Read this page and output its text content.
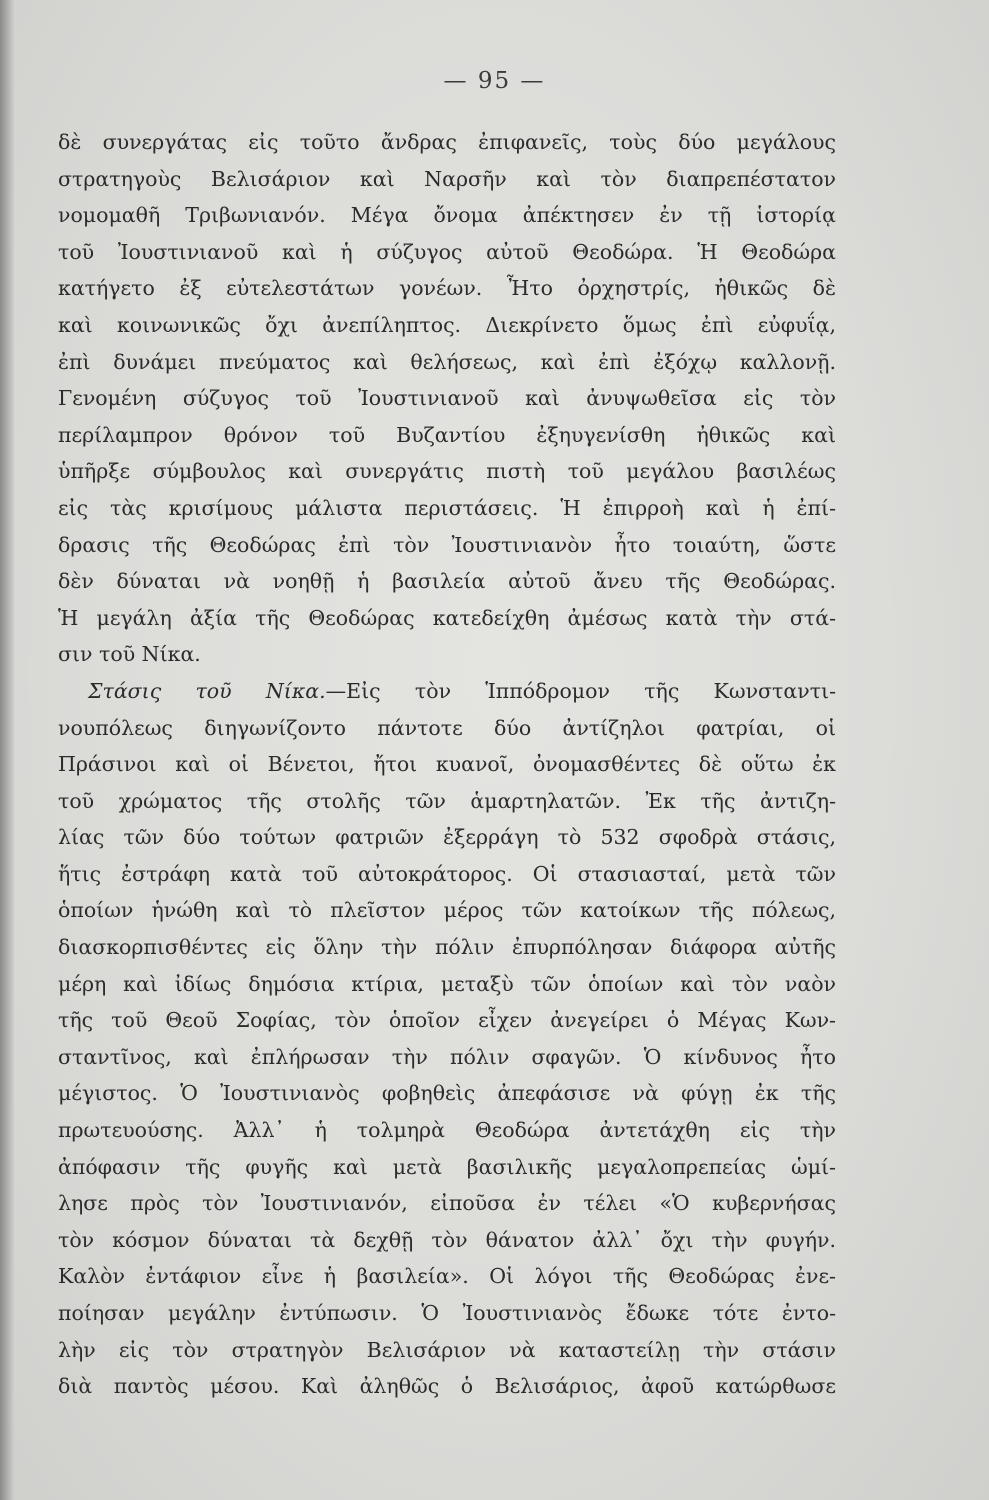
— 95 —
δὲ συνεργάτας εἰς τοῦτο ἄνδρας ἐπιφανεῖς, τοὺς δύο μεγάλους
στρατηγοὺς Βελισάριον καὶ Ναρσῆν καὶ τὸν διαπρεπέστατον
νομομαθῆ Τριβωνιανόν. Μέγα ὄνομα ἀπέκτησεν ἐν τῇ ἱστορίᾳ
τοῦ Ἰουστινιανοῦ καὶ ἡ σύζυγος αὐτοῦ Θεοδώρα. Ἡ Θεοδώρα
κατήγετο ἐξ εὐτελεστάτων γονέων. Ἦτο ὀρχηστρίς, ἠθικῶς δὲ
καὶ κοινωνικῶς ὄχι ἀνεπίληπτος. Διεκρίνετο ὅμως ἐπὶ εὐφυΐᾳ,
ἐπὶ δυνάμει πνεύματος καὶ θελήσεως, καὶ ἐπὶ ἐξόχῳ καλλονῇ.
Γενομένη σύζυγος τοῦ Ἰουστινιανοῦ καὶ ἀνυψωθεῖσα εἰς τὸν
περίλαμπρον θρόνον τοῦ Βυζαντίου ἐξηυγενίσθη ἠθικῶς καὶ
ὑπῆρξε σύμβουλος καὶ συνεργάτις πιστὴ τοῦ μεγάλου βασιλέως
εἰς τὰς κρισίμους μάλιστα περιστάσεις. Ἡ ἐπιρροὴ καὶ ἡ ἐπί-
δρασις τῆς Θεοδώρας ἐπὶ τὸν Ἰουστινιανὸν ἦτο τοιαύτη, ὥστε
δὲν δύναται νὰ νοηθῇ ἡ βασιλεία αὐτοῦ ἄνευ τῆς Θεοδώρας.
Ἡ μεγάλη ἀξία τῆς Θεοδώρας κατεδείχθη ἀμέσως κατὰ τὴν στά-
σιν τοῦ Νίκα.
Στάσις τοῦ Νίκα.—Εἰς τὸν Ἱππόδρομον τῆς Κωνσταντι-
νουπόλεως διηγωνίζοντο πάντοτε δύο ἀντίζηλοι φατρίαι, οἱ
Πράσινοι καὶ οἱ Βένετοι, ἤτοι κυανοῖ, ὀνομασθέντες δὲ οὕτω ἐκ
τοῦ χρώματος τῆς στολῆς τῶν ἁμαρτηλατῶν. Ἐκ τῆς ἀντιζη-
λίας τῶν δύο τούτων φατριῶν ἐξερράγη τὸ 532 σφοδρὰ στάσις,
ἥτις ἐστράφη κατὰ τοῦ αὐτοκράτορος. Οἱ στασιασταί, μετὰ τῶν
ὁποίων ἡνώθη καὶ τὸ πλεῖστον μέρος τῶν κατοίκων τῆς πόλεως,
διασκορπισθέντες εἰς ὅλην τὴν πόλιν ἐπυρπόλησαν διάφορα αὐτῆς
μέρη καὶ ἰδίως δημόσια κτίρια, μεταξὺ τῶν ὁποίων καὶ τὸν ναὸν
τῆς τοῦ Θεοῦ Σοφίας, τὸν ὁποῖον εἶχεν ἀνεγείρει ὁ Μέγας Κων-
σταντῖνος, καὶ ἐπλήρωσαν τὴν πόλιν σφαγῶν. Ὁ κίνδυνος ἦτο
μέγιστος. Ὁ Ἰουστινιανὸς φοβηθεὶς ἀπεφάσισε νὰ φύγῃ ἐκ τῆς
πρωτευούσης. Ἀλλ᾽ ἡ τολμηρὰ Θεοδώρα ἀντετάχθη εἰς τὴν
ἀπόφασιν τῆς φυγῆς καὶ μετὰ βασιλικῆς μεγαλοπρεπείας ὡμί-
λησε πρὸς τὸν Ἰουστινιανόν, εἰποῦσα ἐν τέλει «Ὁ κυβερνήσας
τὸν κόσμον δύναται τὰ δεχθῇ τὸν θάνατον ἀλλ᾽ ὄχι τὴν φυγήν.
Καλὸν ἐντάφιον εἶνε ἡ βασιλεία». Οἱ λόγοι τῆς Θεοδώρας ἐνε-
ποίησαν μεγάλην ἐντύπωσιν. Ὁ Ἰουστινιανὸς ἔδωκε τότε ἐντο-
λὴν εἰς τὸν στρατηγὸν Βελισάριον νὰ καταστείλῃ τὴν στάσιν
διὰ παντὸς μέσου. Καὶ ἀληθῶς ὁ Βελισάριος, ἀφοῦ κατώρθωσε
